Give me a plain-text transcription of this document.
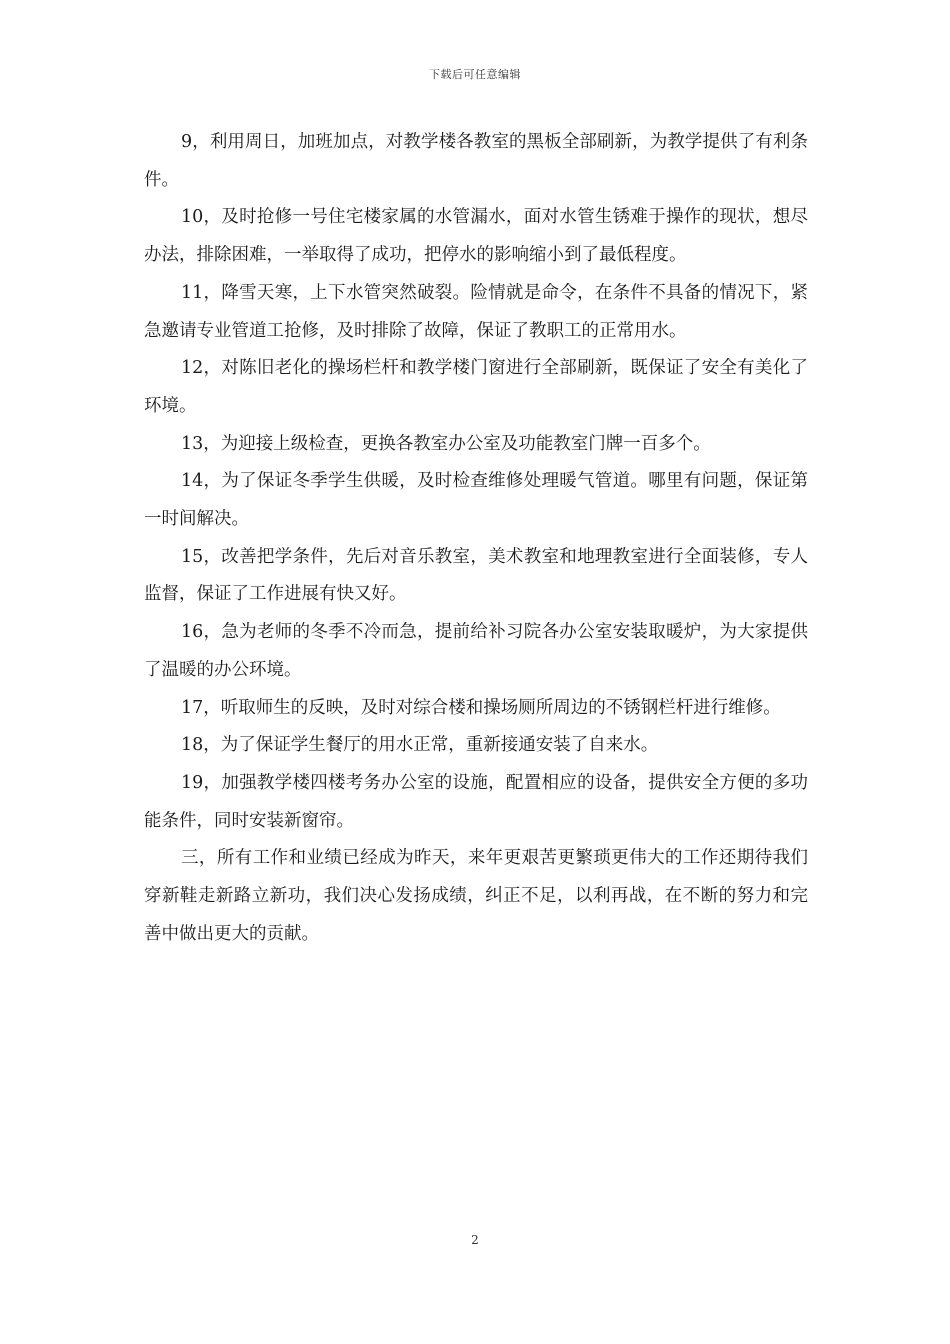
下载后可任意编辑

9，利用周日，加班加点，对教学楼各教室的黑板全部刷新，为教学提供了有利条件。

10，及时抢修一号住宅楼家属的水管漏水，面对水管生锈难于操作的现状，想尽办法，排除困难，一举取得了成功，把停水的影响缩小到了最低程度。

11，降雪天寒，上下水管突然破裂。险情就是命令，在条件不具备的情况下，紧急邀请专业管道工抢修，及时排除了故障，保证了教职工的正常用水。

12，对陈旧老化的操场栏杆和教学楼门窗进行全部刷新，既保证了安全有美化了环境。

13，为迎接上级检查，更换各教室办公室及功能教室门牌一百多个。

14，为了保证冬季学生供暖，及时检查维修处理暖气管道。哪里有问题，保证第一时间解决。

15，改善把学条件，先后对音乐教室，美术教室和地理教室进行全面装修，专人监督，保证了工作进展有快又好。

16，急为老师的冬季不冷而急，提前给补习院各办公室安装取暖炉，为大家提供了温暖的办公环境。

17，听取师生的反映，及时对综合楼和操场厕所周边的不锈钢栏杆进行维修。

18，为了保证学生餐厅的用水正常，重新接通安装了自来水。

19，加强教学楼四楼考务办公室的设施，配置相应的设备，提供安全方便的多功能条件，同时安装新窗帘。

三，所有工作和业绩已经成为昨天，来年更艰苦更繁琐更伟大的工作还期待我们穿新鞋走新路立新功，我们决心发扬成绩，纠正不足，以利再战，在不断的努力和完善中做出更大的贡献。

2
